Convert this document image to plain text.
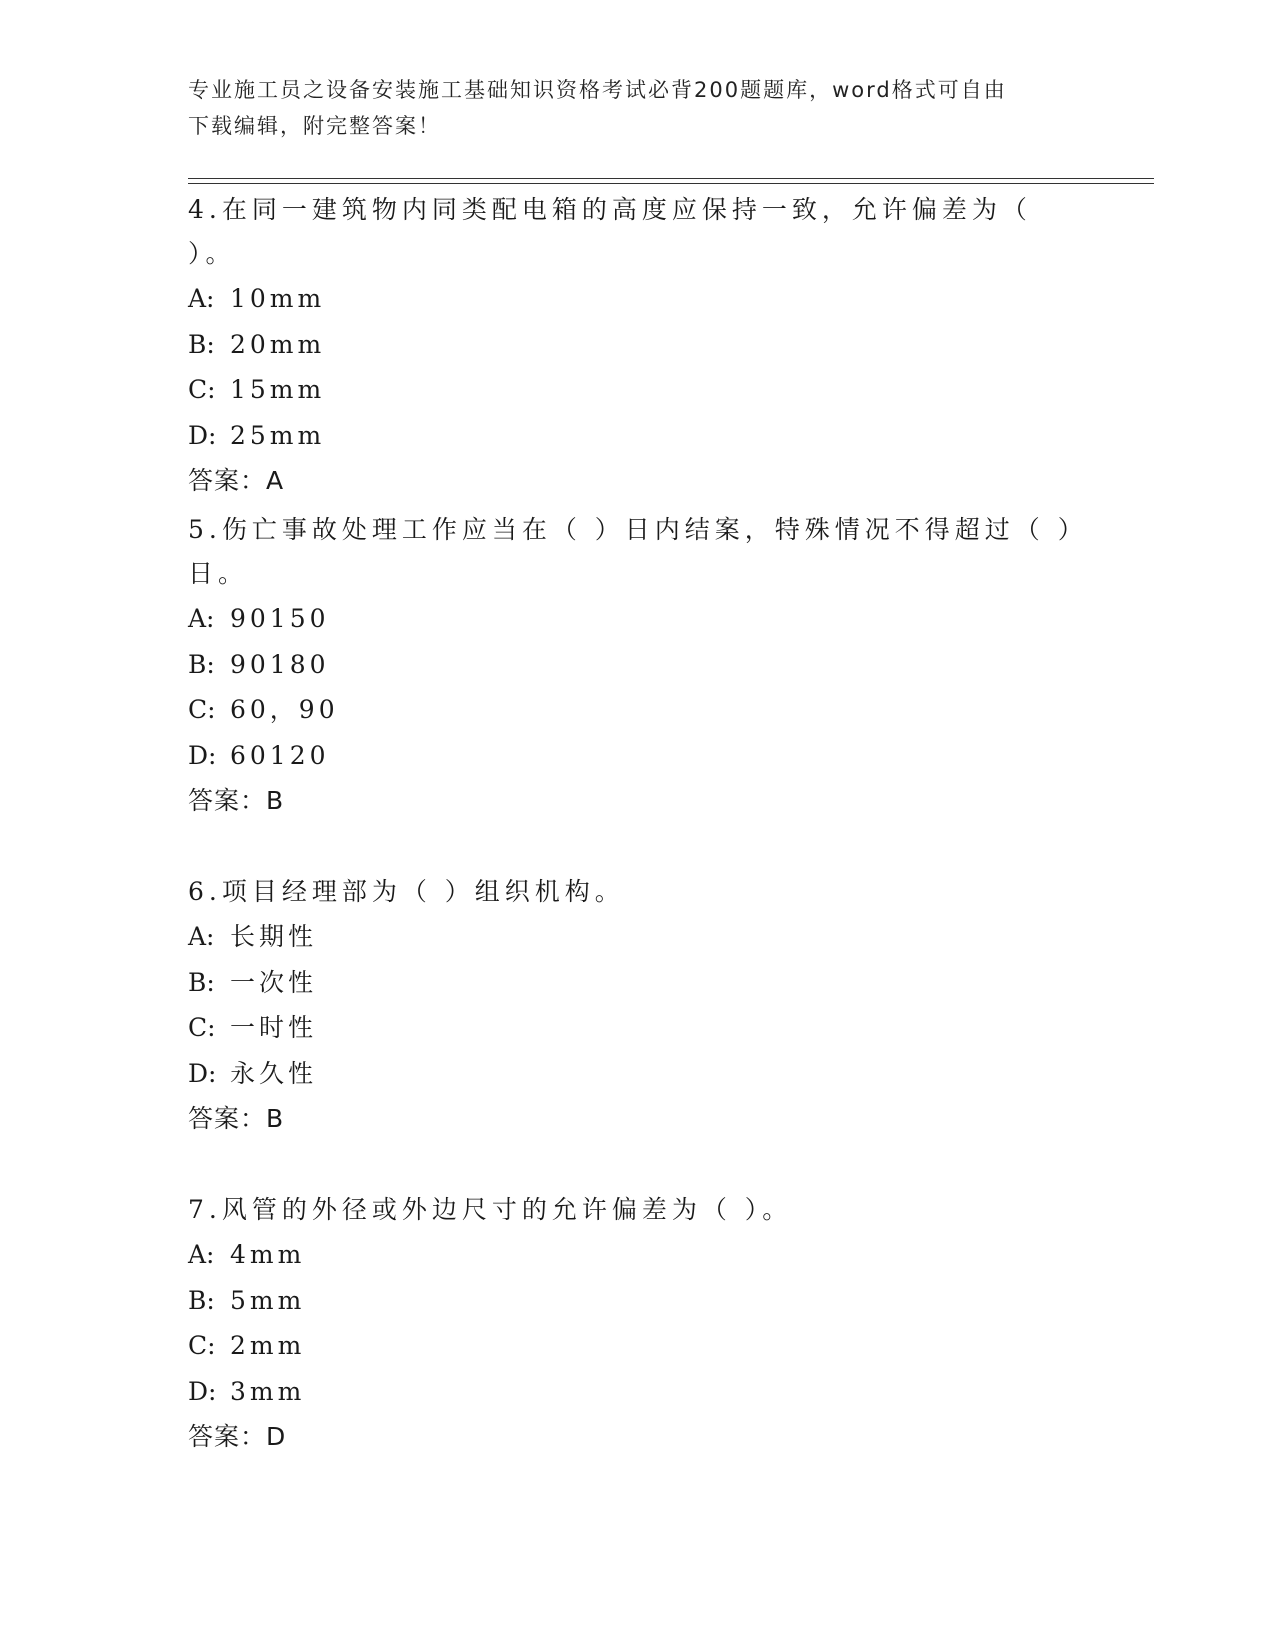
专业施工员之设备安装施工基础知识资格考试必背200题题库，word格式可自由
下载编辑，附完整答案！

4.在同一建筑物内同类配电箱的高度应保持一致，允许偏差为（ ）。

A: 10mm

B: 20mm

C: 15mm

D: 25mm

答案：A

5.伤亡事故处理工作应当在（ ）日内结案，特殊情况不得超过（ ）

日。

A: 90150

B: 90180

C: 60，90

D: 60120

答案：B

6.项目经理部为（ ）组织机构。

A: 长期性

B: 一次性

C: 一时性

D: 永久性

答案：B

7.风管的外径或外边尺寸的允许偏差为（ ）。

A: 4mm

B: 5mm

C: 2mm

D: 3mm

答案：D
